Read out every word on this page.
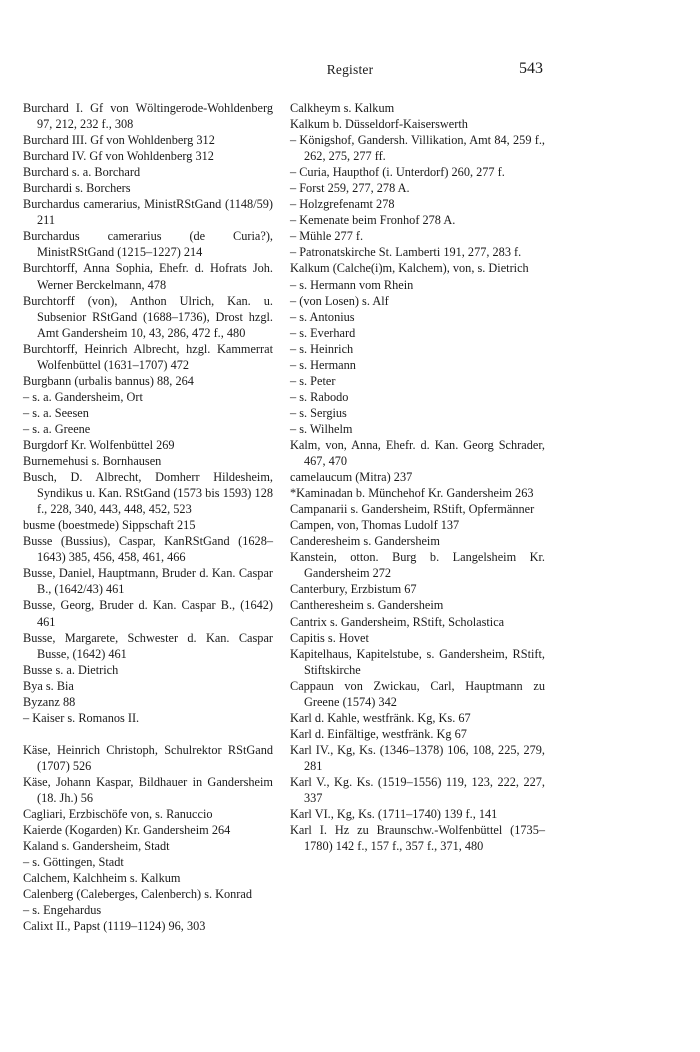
Register	543

Burchard I. Gf von Wöltingerode-Wohldenberg 97, 212, 232 f., 308

Burchard III. Gf von Wohldenberg 312

Burchard IV. Gf von Wohldenberg 312

Burchard s. a. Borchard

Burchardi s. Borchers

Burchardus camerarius, MinistRStGand (1148/59) 211

Burchardus camerarius (de Curia?), MinistRStGand (1215–1227) 214

Burchtorff, Anna Sophia, Ehefr. d. Hofrats Joh. Werner Berckelmann, 478

Burchtorff (von), Anthon Ulrich, Kan. u. Subsenior RStGand (1688–1736), Drost hzgl. Amt Gandersheim 10, 43, 286, 472 f., 480

Burchtorff, Heinrich Albrecht, hzgl. Kammerrat Wolfenbüttel (1631–1707) 472

Burgbann (urbalis bannus) 88, 264

– s. a. Gandersheim, Ort

– s. a. Seesen

– s. a. Greene

Burgdorf Kr. Wolfenbüttel 269

Burnemehusi s. Bornhausen

Busch, D. Albrecht, Domherr Hildesheim, Syndikus u. Kan. RStGand (1573 bis 1593) 128 f., 228, 340, 443, 448, 452, 523

busme (boestmede) Sippschaft 215

Busse (Bussius), Caspar, KanRStGand (1628–1643) 385, 456, 458, 461, 466

Busse, Daniel, Hauptmann, Bruder d. Kan. Caspar B., (1642/43) 461

Busse, Georg, Bruder d. Kan. Caspar B., (1642) 461

Busse, Margarete, Schwester d. Kan. Caspar Busse, (1642) 461

Busse s. a. Dietrich

Bya s. Bia

Byzanz 88

– Kaiser s. Romanos II.

Käse, Heinrich Christoph, Schulrektor RStGand (1707) 526

Käse, Johann Kaspar, Bildhauer in Gandersheim (18. Jh.) 56

Cagliari, Erzbischöfe von, s. Ranuccio

Kaierde (Kogarden) Kr. Gandersheim 264

Kaland s. Gandersheim, Stadt

– s. Göttingen, Stadt

Calchem, Kalchheim s. Kalkum

Calenberg (Caleberges, Calenberch) s. Konrad

– s. Engehardus

Calixt II., Papst (1119–1124) 96, 303

Calkheym s. Kalkum

Kalkum b. Düsseldorf-Kaiserswerth

– Königshof, Gandersh. Villikation, Amt 84, 259 f., 262, 275, 277 ff.

– Curia, Haupthof (i. Unterdorf) 260, 277 f.

– Forst 259, 277, 278 A.

– Holzgrefenamt 278

– Kemenate beim Fronhof 278 A.

– Mühle 277 f.

– Patronatskirche St. Lamberti 191, 277, 283 f.

Kalkum (Calche(i)m, Kalchem), von, s. Dietrich

– s. Hermann vom Rhein

– (von Losen) s. Alf

– s. Antonius

– s. Everhard

– s. Heinrich

– s. Hermann

– s. Peter

– s. Rabodo

– s. Sergius

– s. Wilhelm

Kalm, von, Anna, Ehefr. d. Kan. Georg Schrader, 467, 470

camelaucum (Mitra) 237

*Kaminadan b. Münchehof Kr. Gandersheim 263

Campanarii s. Gandersheim, RStift, Opfermänner

Campen, von, Thomas Ludolf 137

Canderesheim s. Gandersheim

Kanstein, otton. Burg b. Langelsheim Kr. Gandersheim 272

Canterbury, Erzbistum 67

Cantheresheim s. Gandersheim

Cantrix s. Gandersheim, RStift, Scholastica

Capitis s. Hovet

Kapitelhaus, Kapitelstube, s. Gandersheim, RStift, Stiftskirche

Cappaun von Zwickau, Carl, Hauptmann zu Greene (1574) 342

Karl d. Kahle, westfränk. Kg, Ks. 67

Karl d. Einfältige, westfränk. Kg 67

Karl IV., Kg, Ks. (1346–1378) 106, 108, 225, 279, 281

Karl V., Kg. Ks. (1519–1556) 119, 123, 222, 227, 337

Karl VI., Kg, Ks. (1711–1740) 139 f., 141

Karl I. Hz zu Braunschw.-Wolfenbüttel (1735–1780) 142 f., 157 f., 357 f., 371, 480
